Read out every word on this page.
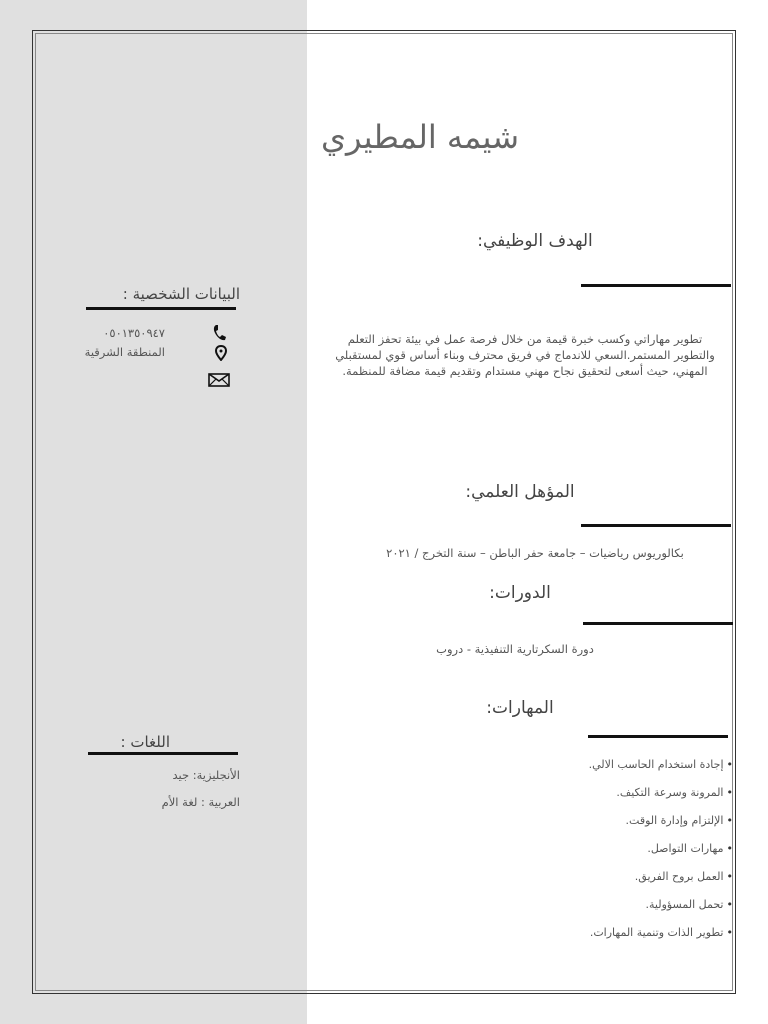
شيمه المطيري
الهدف الوظيفي:
تطوير مهاراتي وكسب خبرة قيمة من خلال فرصة عمل في بيئة تحفز التعلم
والتطوير المستمر.السعي للاندماج في فريق محترف وبناء أساس قوي لمستقبلي
المهني، حيث أسعى لتحقيق نجاح مهني مستدام وتقديم قيمة مضافة للمنظمة.
المؤهل العلمي:
بكالوريوس رياضيات – جامعة حفر الباطن – سنة التخرج / ٢٠٢١
الدورات:
دورة السكرتارية التنفيذية - دروب
المهارات:
•إجادة استخدام الحاسب الالي.
•المرونة وسرعة التكيف.
•الإلتزام وإدارة الوقت.
•مهارات التواصل.
•العمل بروح الفريق.
•تحمل المسؤولية.
•تطوير الذات وتنمية المهارات.
البيانات الشخصية :
٠٥٠١٣٥٠٩٤٧
المنطقة الشرقية
اللغات :
الأنجليزية: جيد
العربية : لغة الأم
